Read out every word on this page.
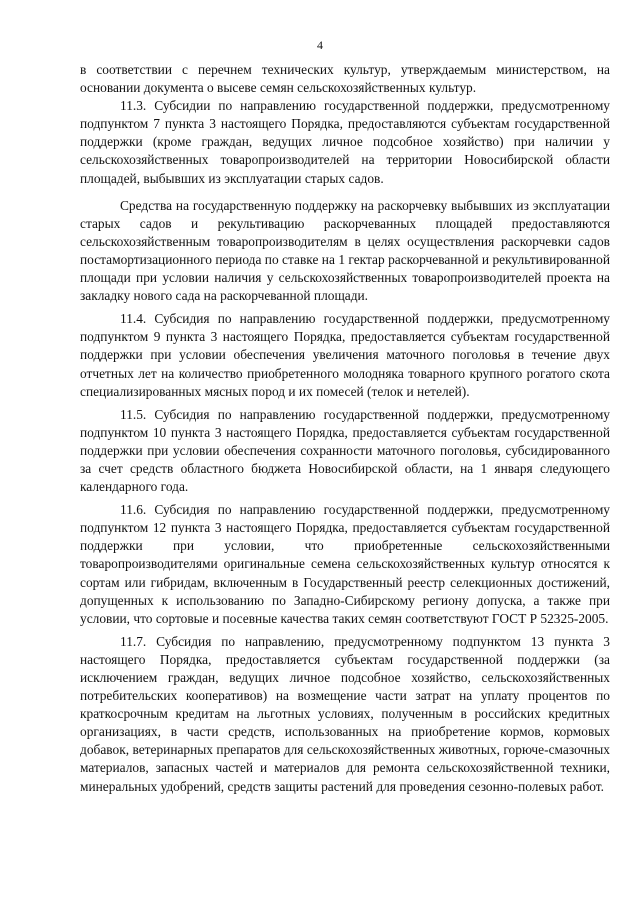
4

в соответствии с перечнем технических культур, утверждаемым министерством, на основании документа о высеве семян сельскохозяйственных культур.

11.3. Субсидии по направлению государственной поддержки, предусмотренному подпунктом 7 пункта 3 настоящего Порядка, предоставляются субъектам государственной поддержки (кроме граждан, ведущих личное подсобное хозяйство) при наличии у сельскохозяйственных товаропроизводителей на территории Новосибирской области площадей, выбывших из эксплуатации старых садов.

Средства на государственную поддержку на раскорчевку выбывших из эксплуатации старых садов и рекультивацию раскорчеванных площадей предоставляются сельскохозяйственным товаропроизводителям в целях осуществления раскорчевки садов постамортизационного периода по ставке на 1 гектар раскорчеванной и рекультивированной площади при условии наличия у сельскохозяйственных товаропроизводителей проекта на закладку нового сада на раскорчеванной площади.

11.4. Субсидия по направлению государственной поддержки, предусмотренному подпунктом 9 пункта 3 настоящего Порядка, предоставляется субъектам государственной поддержки при условии обеспечения увеличения маточного поголовья в течение двух отчетных лет на количество приобретенного молодняка товарного крупного рогатого скота специализированных мясных пород и их помесей (телок и нетелей).

11.5. Субсидия по направлению государственной поддержки, предусмотренному подпунктом 10 пункта 3 настоящего Порядка, предоставляется субъектам государственной поддержки при условии обеспечения сохранности маточного поголовья, субсидированного за счет средств областного бюджета Новосибирской области, на 1 января следующего календарного года.

11.6. Субсидия по направлению государственной поддержки, предусмотренному подпунктом 12 пункта 3 настоящего Порядка, предоставляется субъектам государственной поддержки при условии, что приобретенные сельскохозяйственными товаропроизводителями оригинальные семена сельскохозяйственных культур относятся к сортам или гибридам, включенным в Государственный реестр селекционных достижений, допущенных к использованию по Западно-Сибирскому региону допуска, а также при условии, что сортовые и посевные качества таких семян соответствуют ГОСТ Р 52325-2005.

11.7. Субсидия по направлению, предусмотренному подпунктом 13 пункта 3 настоящего Порядка, предоставляется субъектам государственной поддержки (за исключением граждан, ведущих личное подсобное хозяйство, сельскохозяйственных потребительских кооперативов) на возмещение части затрат на уплату процентов по краткосрочным кредитам на льготных условиях, полученным в российских кредитных организациях, в части средств, использованных на приобретение кормов, кормовых добавок, ветеринарных препаратов для сельскохозяйственных животных, горюче-смазочных материалов, запасных частей и материалов для ремонта сельскохозяйственной техники, минеральных удобрений, средств защиты растений для проведения сезонно-полевых работ.
